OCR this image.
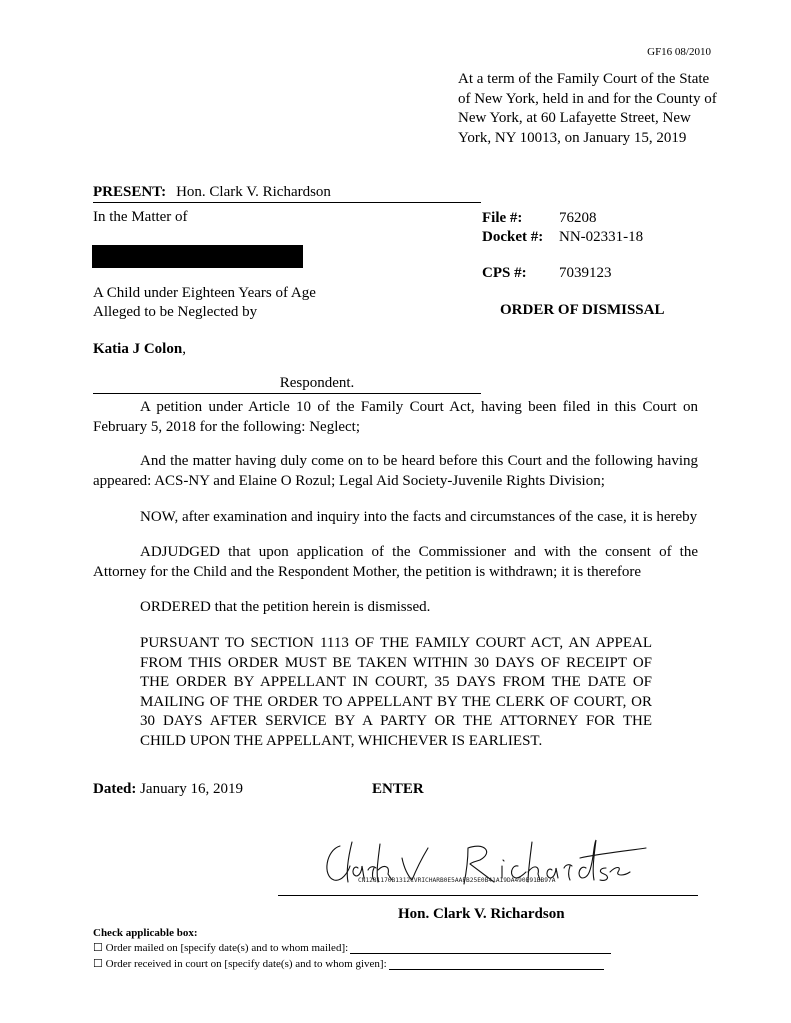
GF16 08/2010
At a term of the Family Court of the State of New York, held in and for the County of New York, at 60 Lafayette Street, New York, NY 10013, on January 15, 2019
PRESENT: Hon. Clark V. Richardson
In the Matter of
A Child under Eighteen Years of Age
Alleged to be Neglected by
File #: 76208
Docket #: NN-02331-18
CPS #: 7039123
ORDER OF DISMISSAL
Katia J Colon,
Respondent.
A petition under Article 10 of the Family Court Act, having been filed in this Court on February 5, 2018 for the following: Neglect;
And the matter having duly come on to be heard before this Court and the following having appeared: ACS-NY and Elaine O Rozul; Legal Aid Society-Juvenile Rights Division;
NOW, after examination and inquiry into the facts and circumstances of the case, it is hereby
ADJUDGED that upon application of the Commissioner and with the consent of the Attorney for the Child and the Respondent Mother, the petition is withdrawn; it is therefore
ORDERED that the petition herein is dismissed.
PURSUANT TO SECTION 1113 OF THE FAMILY COURT ACT, AN APPEAL FROM THIS ORDER MUST BE TAKEN WITHIN 30 DAYS OF RECEIPT OF THE ORDER BY APPELLANT IN COURT, 35 DAYS FROM THE DATE OF MAILING OF THE ORDER TO APPELLANT BY THE CLERK OF COURT, OR 30 DAYS AFTER SERVICE BY A PARTY OR THE ATTORNEY FOR THE CHILD UPON THE APPELLANT, WHICHEVER IS EARLIEST.
Dated: January 16, 2019	ENTER
CN1281170B1312CVRICHARB0E5AAFB25E0B41A19DA490E91BB97A
Hon. Clark V. Richardson
Check applicable box:
☐
Order mailed on [specify date(s) and to whom mailed]:
☐
Order received in court on [specify date(s) and to whom given]:
